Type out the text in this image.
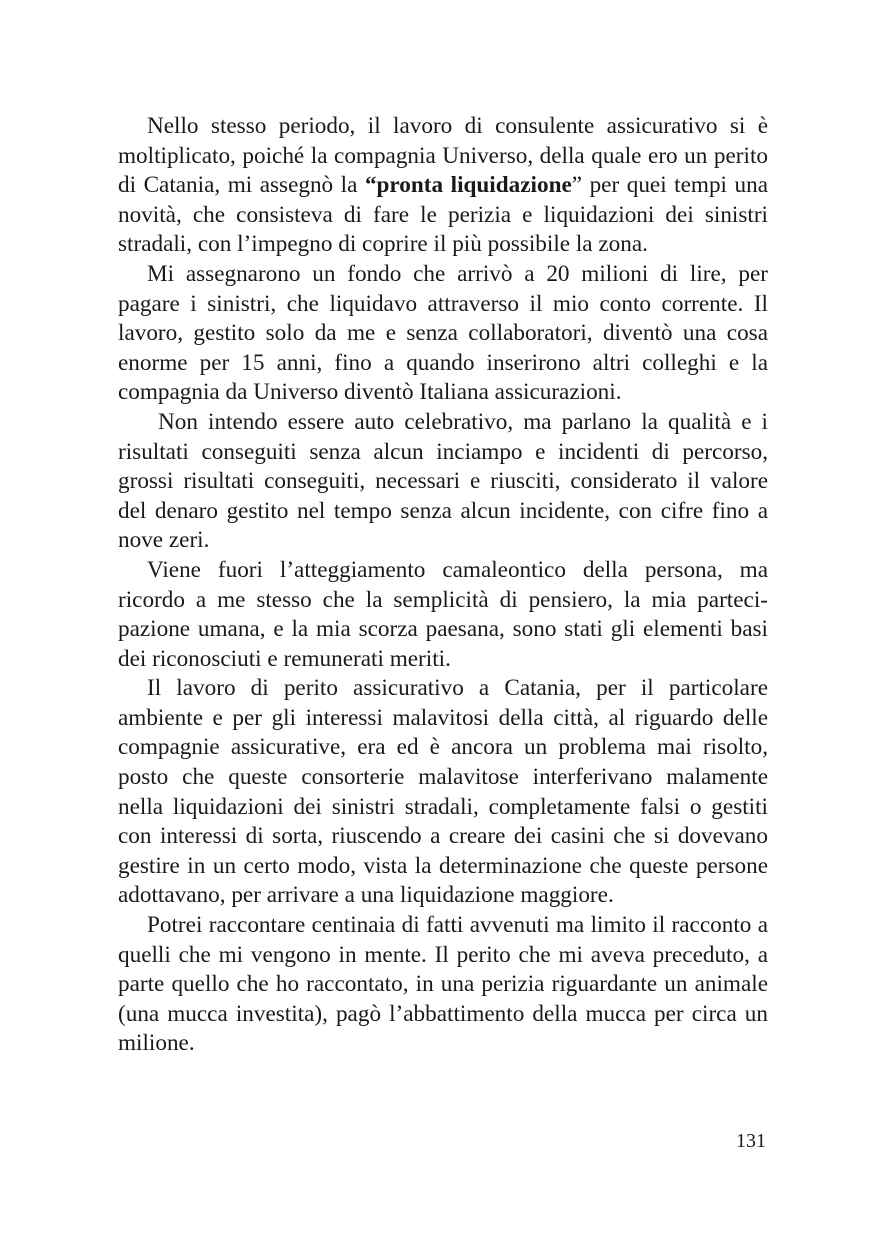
Nello stesso periodo, il lavoro di consulente assicurativo si è moltiplicato, poiché la compagnia Universo, della quale ero un perito di Catania, mi assegnò la “pronta liquidazione” per quei tempi una novità, che consisteva di fare le perizia e liquidazioni dei sinistri stradali, con l’impegno di coprire il più possibile la zona.

Mi assegnarono un fondo che arrivò a 20 milioni di lire, per pagare i sinistri, che liquidavo attraverso il mio conto corrente. Il lavoro, gestito solo da me e senza collaboratori, diventò una cosa enorme per 15 anni, fino a quando inserirono altri colleghi e la compagnia da Universo diventò Italiana assicurazioni.

Non intendo essere auto celebrativo, ma parlano la qualità e i risultati conseguiti senza alcun inciampo e incidenti di percorso, grossi risultati conseguiti, necessari e riusciti, considerato il valore del denaro gestito nel tempo senza alcun incidente, con cifre fino a nove zeri.

Viene fuori l’atteggiamento camaleontico della persona, ma ricordo a me stesso che la semplicità di pensiero, la mia partecipazione umana, e la mia scorza paesana, sono stati gli elementi basi dei riconosciuti e remunerati meriti.

Il lavoro di perito assicurativo a Catania, per il particolare ambiente e per gli interessi malavitosi della città, al riguardo delle compagnie assicurative, era ed è ancora un problema mai risolto, posto che queste consorterie malavitose interferivano malamente nella liquidazioni dei sinistri stradali, completamente falsi o gestiti con interessi di sorta, riuscendo a creare dei casini che si dovevano gestire in un certo modo, vista la determinazione che queste persone adottavano, per arrivare a una liquidazione maggiore.

Potrei raccontare centinaia di fatti avvenuti ma limito il racconto a quelli che mi vengono in mente. Il perito che mi aveva preceduto, a parte quello che ho raccontato, in una perizia riguardante un animale (una mucca investita), pagò l’abbattimento della mucca per circa un milione.

131
